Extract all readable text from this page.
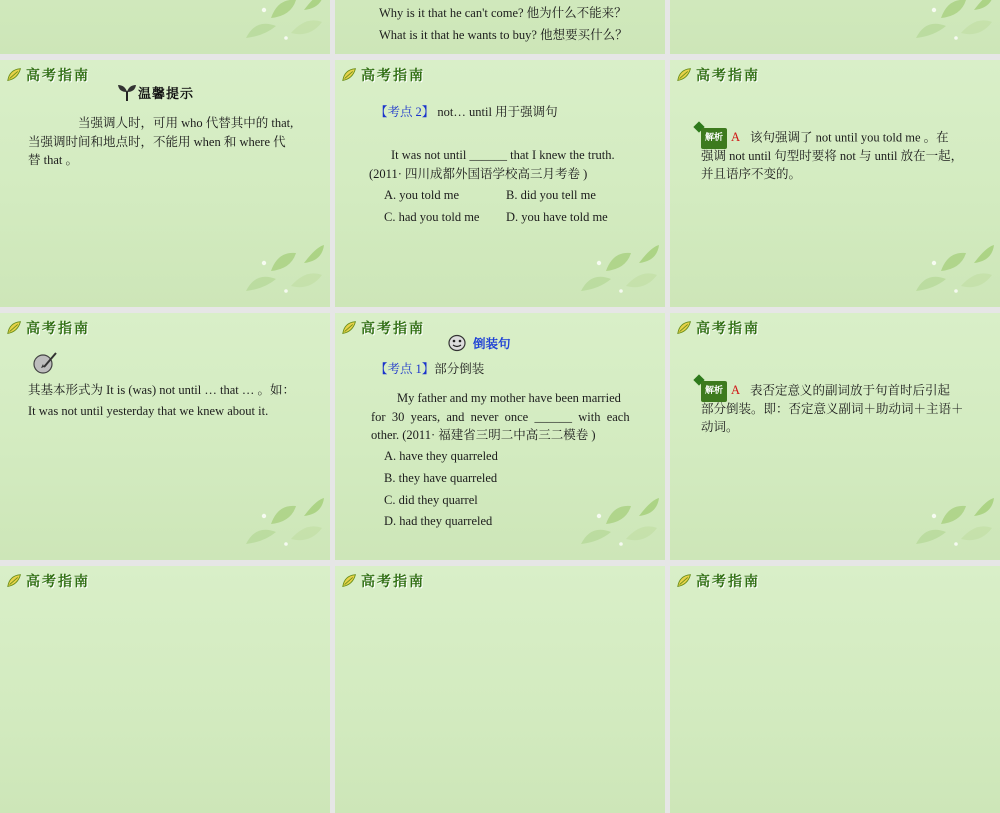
Why is it that he can't come? 他为什么不能来？
What is it that he wants to buy? 他想要买什么？
高考指南
温馨提示
当强调人时，可用 who 代替其中的 that,
当强调时间和地点时，不能用 when 和 where 代
替 that 。
高考指南
【考点 2】 not… until 用于强调句
It was not until ______ that I knew the truth.
(2011· 四川成都外国语学校高三月考卷 )
A. you told me	B. did you tell me
C. had you told me D. you have told me
高考指南
解析 A 该句强调了 not until you told me 。在
强调 not until 句型时要将 not 与 until 放在一起，
并且语序不变的。
高考指南
其基本形式为 It is (was) not until … that … 。如：
It was not until yesterday that we knew about it.
高考指南
倒装句
【考点 1】部分倒装
My father and my mother have been married
for  30  years,  and  never  once  ______  with  each
other. (2011· 福建省三明二中高三二模卷 )
A. have they quarreled
B. they have quarreled
C. did they quarrel
D. had they quarreled
高考指南
解析 A 表否定意义的副词放于句首时后引起
部分倒装。即：否定意义副词＋助动词＋主语＋
动词。
高考指南	高考指南	高考指南
